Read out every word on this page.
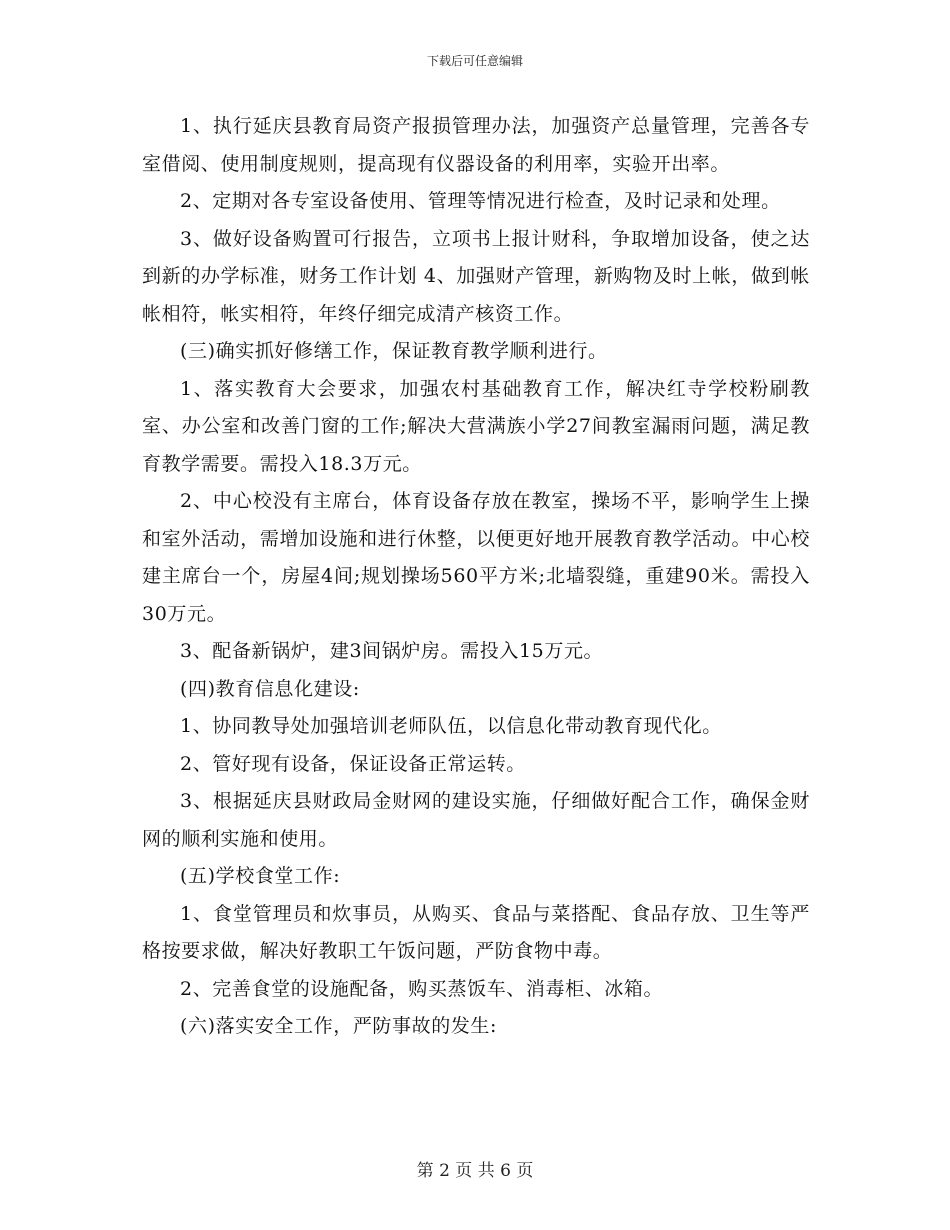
下载后可任意编辑

1、执行延庆县教育局资产报损管理办法，加强资产总量管理，完善各专室借阅、使用制度规则，提高现有仪器设备的利用率，实验开出率。

2、定期对各专室设备使用、管理等情况进行检查，及时记录和处理。

3、做好设备购置可行报告，立项书上报计财科，争取增加设备，使之达到新的办学标准，财务工作计划 4、加强财产管理，新购物及时上帐，做到帐帐相符，帐实相符，年终仔细完成清产核资工作。

(三)确实抓好修缮工作，保证教育教学顺利进行。

1、落实教育大会要求，加强农村基础教育工作，解决红寺学校粉刷教室、办公室和改善门窗的工作;解决大营满族小学27间教室漏雨问题，满足教育教学需要。需投入18.3万元。

2、中心校没有主席台，体育设备存放在教室，操场不平，影响学生上操和室外活动，需增加设施和进行休整，以便更好地开展教育教学活动。中心校建主席台一个，房屋4间;规划操场560平方米;北墙裂缝，重建90米。需投入30万元。

3、配备新锅炉，建3间锅炉房。需投入15万元。

(四)教育信息化建设:

1、协同教导处加强培训老师队伍，以信息化带动教育现代化。

2、管好现有设备，保证设备正常运转。

3、根据延庆县财政局金财网的建设实施，仔细做好配合工作，确保金财网的顺利实施和使用。

(五)学校食堂工作:

1、食堂管理员和炊事员，从购买、食品与菜搭配、食品存放、卫生等严格按要求做，解决好教职工午饭问题，严防食物中毒。

2、完善食堂的设施配备，购买蒸饭车、消毒柜、冰箱。

(六)落实安全工作，严防事故的发生:

第 2 页 共 6 页
